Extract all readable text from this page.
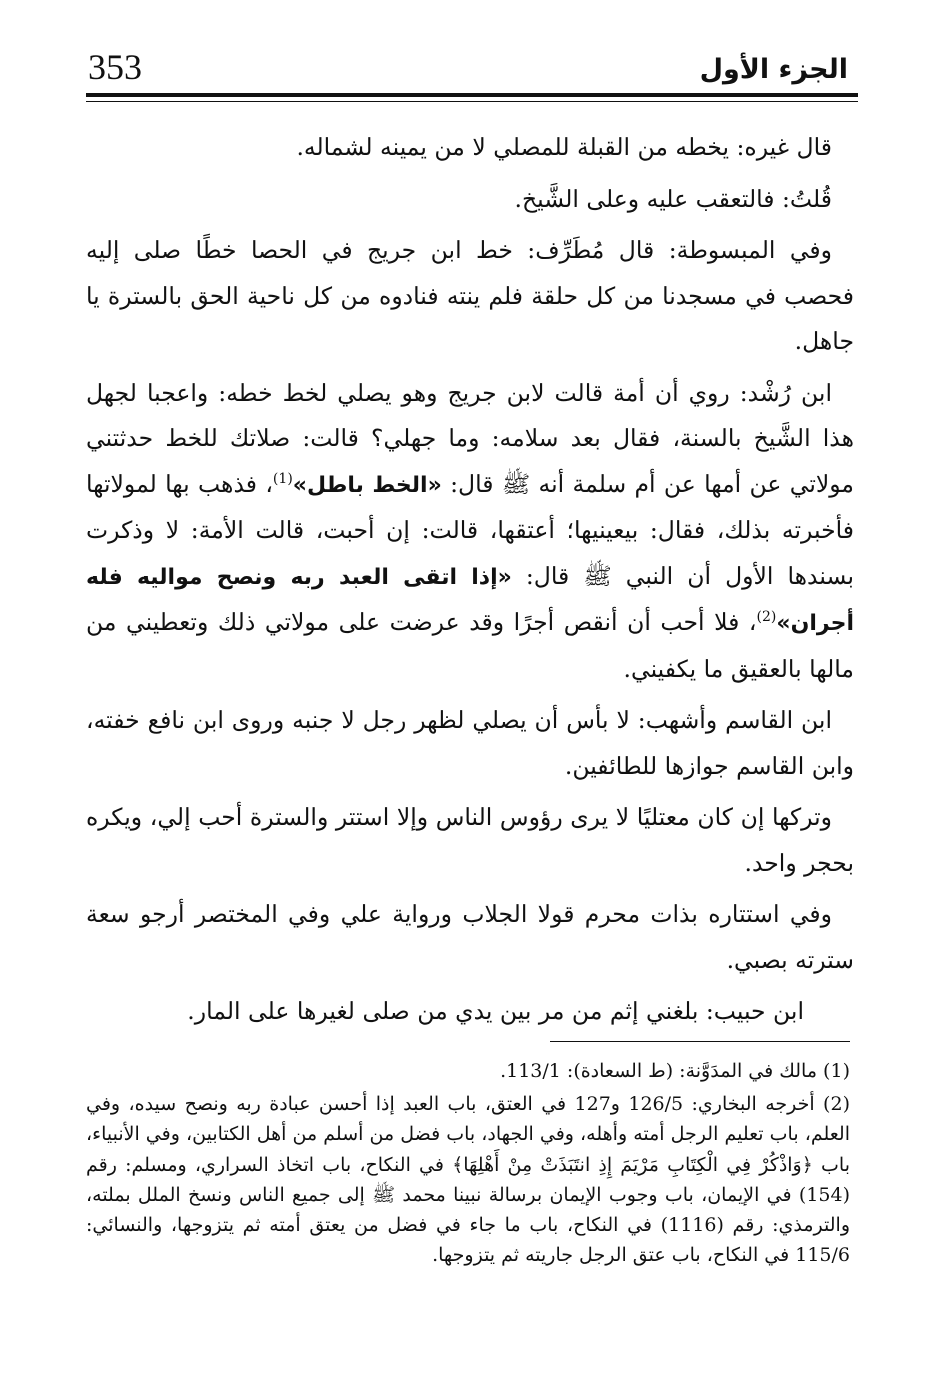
353	الجزء الأول

قال غيره: يخطه من القبلة للمصلي لا من يمينه لشماله.

قُلتُ: فالتعقب عليه وعلى الشَّيخ.

وفي المبسوطة: قال مُطَرِّف: خط ابن جريج في الحصا خطًا صلى إليه فحصب في مسجدنا من كل حلقة فلم ينته فنادوه من كل ناحية الحق بالسترة يا جاهل.

ابن رُشْد: روي أن أمة قالت لابن جريج وهو يصلي لخط خطه: واعجبا لجهل هذا الشَّيخ بالسنة، فقال بعد سلامه: وما جهلي؟ قالت: صلاتك للخط حدثتني مولاتي عن أمها عن أم سلمة أنه ﷺ قال: «الخط باطل»$^{(1)}$، فذهب بها لمولاتها فأخبرته بذلك، فقال: بيعينيها؛ أعتقها، قالت: إن أحبت، قالت الأمة: لا وذكرت بسندها الأول أن النبي ﷺ قال: «إذا اتقى العبد ربه ونصح مواليه فله أجران»$^{(2)}$، فلا أحب أن أنقص أجرًا وقد عرضت على مولاتي ذلك وتعطيني من مالها بالعقيق ما يكفيني.

ابن القاسم وأشهب: لا بأس أن يصلي لظهر رجل لا جنبه وروى ابن نافع خفته، وابن القاسم جوازها للطائفين.

وتركها إن كان معتليًا لا يرى رؤوس الناس وإلا استتر والسترة أحب إلي، ويكره بحجر واحد.

وفي استتاره بذات محرم قولا الجلاب ورواية علي وفي المختصر أرجو سعة سترته بصبي.

ابن حبيب: بلغني إثم من مر بين يدي من صلى لغيرها على المار.

(1) مالك في المدَوَّنة: (ط السعادة): 113/1.

(2) أخرجه البخاري: 126/5 و127 في العتق، باب العبد إذا أحسن عبادة ربه ونصح سيده، وفي العلم، باب تعليم الرجل أمته وأهله، وفي الجهاد، باب فضل من أسلم من أهل الكتابين، وفي الأنبياء، باب ﴿وَاذْكُرْ فِي الْكِتَابِ مَرْيَمَ إِذِ انتَبَذَتْ مِنْ أَهْلِهَا﴾ في النكاح، باب اتخاذ السراري، ومسلم: رقم (154) في الإيمان، باب وجوب الإيمان برسالة نبينا محمد ﷺ إلى جميع الناس ونسخ الملل بملته، والترمذي: رقم (1116) في النكاح، باب ما جاء في فضل من يعتق أمته ثم يتزوجها، والنسائي: 115/6 في النكاح، باب عتق الرجل جاريته ثم يتزوجها.
